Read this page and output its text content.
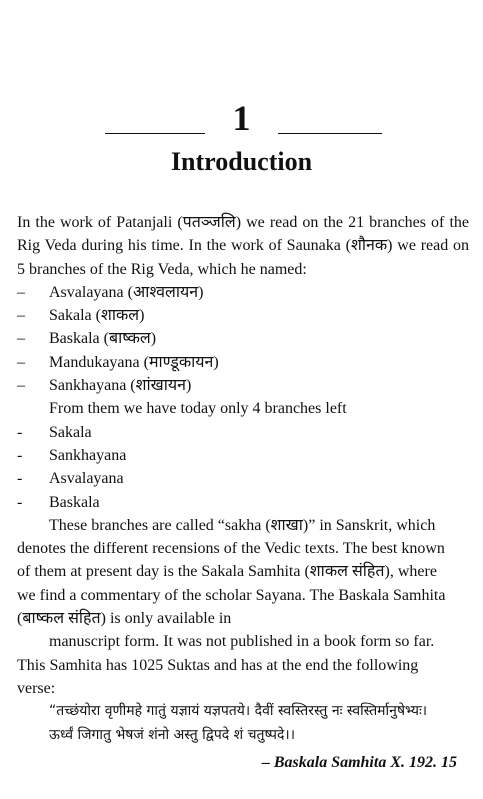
1
Introduction

In the work of Patanjali (पतञ्जलि) we read on the 21 branches of the Rig Veda during his time. In the work of Saunaka (शौनक) we read on 5 branches of the Rig Veda, which he named:

–	Asvalayana (आश्वलायन)
–	Sakala (शाकल)
–	Baskala (बाष्कल)
–	Mandukayana (माण्डूकायन)
–	Sankhayana (शांखायन)

From them we have today only 4 branches left

-	Sakala
-	Sankhayana
-	Asvalayana
-	Baskala
These branches are called “sakha (शाखा)” in Sanskrit, which
denotes the different recensions of the Vedic texts. The best known
of them at present day is the Sakala Samhita (शाकल संहित), where
we find a commentary of the scholar Sayana. The Baskala Samhita
(बाष्कल संहित) is only available in
manuscript form. It was not published in a book form so far.
This Samhita has 1025 Suktas and has at the end the following
verse:

“तच्छंयोरा वृणीमहे गातुं यज्ञायं यज्ञपतये। दैवीं स्वस्तिरस्तु नः स्वस्तिर्मानुषेभ्यः।

ऊर्ध्वं जिगातु भेषजं शंनो अस्तु द्विपदे शं चतुष्पदे।।

– Baskala Samhita X. 192. 15
